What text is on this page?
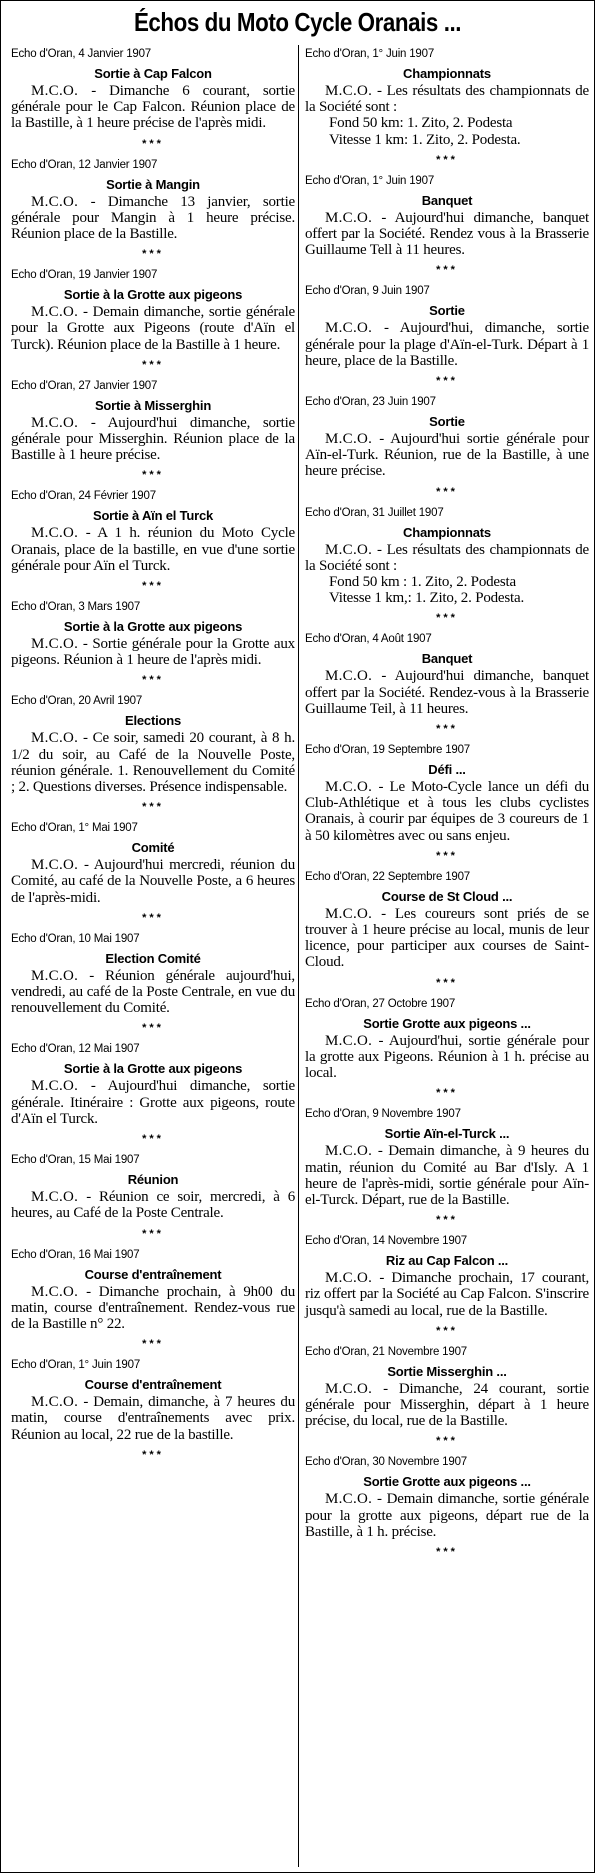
Échos du Moto Cycle Oranais ...
Echo d'Oran, 4 Janvier 1907
Sortie à Cap Falcon
M.C.O. - Dimanche 6 courant, sortie générale pour le Cap Falcon. Réunion place de la Bastille, à 1 heure précise de l'après midi.
***
Echo d'Oran, 12 Janvier 1907
Sortie à Mangin
M.C.O. - Dimanche 13 janvier, sortie générale pour Mangin à 1 heure précise. Réunion place de la Bastille.
***
Echo d'Oran, 19 Janvier 1907
Sortie à la Grotte aux pigeons
M.C.O. - Demain dimanche, sortie générale pour la Grotte aux Pigeons (route d'Aïn el Turck). Réunion place de la Bastille à 1 heure.
***
Echo d'Oran, 27 Janvier 1907
Sortie à Misserghin
M.C.O. - Aujourd'hui dimanche, sortie générale pour Misserghin. Réunion place de la Bastille à 1 heure précise.
***
Echo d'Oran, 24 Février 1907
Sortie à Aïn el Turck
M.C.O. - A 1 h. réunion du Moto Cycle Oranais, place de la bastille, en vue d'une sortie générale pour Aïn el Turck.
***
Echo d'Oran, 3 Mars 1907
Sortie à la Grotte aux pigeons
M.C.O. - Sortie générale pour la Grotte aux pigeons. Réunion à 1 heure de l'après midi.
***
Echo d'Oran, 20 Avril 1907
Elections
M.C.O. - Ce soir, samedi 20 courant, à 8 h. 1/2 du soir, au Café de la Nouvelle Poste, réunion générale. 1. Renouvellement du Comité ; 2. Questions diverses. Présence indispensable.
***
Echo d'Oran, 1° Mai 1907
Comité
M.C.O. - Aujourd'hui mercredi, réunion du Comité, au café de la Nouvelle Poste, a 6 heures de l'après-midi.
***
Echo d'Oran, 10 Mai 1907
Election Comité
M.C.O. - Réunion générale aujourd'hui, vendredi, au café de la Poste Centrale, en vue du renouvellement du Comité.
***
Echo d'Oran, 12 Mai 1907
Sortie à la Grotte aux pigeons
M.C.O. - Aujourd'hui dimanche, sortie générale. Itinéraire : Grotte aux pigeons, route d'Aïn el Turck.
***
Echo d'Oran, 15 Mai 1907
Réunion
M.C.O. - Réunion ce soir, mercredi, à 6 heures, au Café de la Poste Centrale.
***
Echo d'Oran, 16 Mai 1907
Course d'entraînement
M.C.O. - Dimanche prochain, à 9h00 du matin, course d'entraînement. Rendez-vous rue de la Bastille n° 22.
***
Echo d'Oran, 1° Juin 1907
Course d'entraînement
M.C.O. - Demain, dimanche, à 7 heures du matin, course d'entraînements avec prix. Réunion au local, 22 rue de la bastille.
***
Echo d'Oran, 1° Juin 1907
Championnats
M.C.O. - Les résultats des championnats de la Société sont :
Fond 50 km: 1. Zito, 2. Podesta
Vitesse 1 km: 1. Zito, 2. Podesta.
***
Echo d'Oran, 1° Juin 1907
Banquet
M.C.O. - Aujourd'hui dimanche, banquet offert par la Société. Rendez vous à la Brasserie Guillaume Tell à 11 heures.
***
Echo d'Oran, 9 Juin 1907
Sortie
M.C.O. - Aujourd'hui, dimanche, sortie générale pour la plage d'Aïn-el-Turk. Départ à 1 heure, place de la Bastille.
***
Echo d'Oran, 23 Juin 1907
Sortie
M.C.O. - Aujourd'hui sortie générale pour Aïn-el-Turk. Réunion, rue de la Bastille, à une heure précise.
***
Echo d'Oran, 31 Juillet 1907
Championnats
M.C.O. - Les résultats des championnats de la Société sont :
Fond 50 km : 1. Zito, 2. Podesta
Vitesse 1 km,: 1. Zito, 2. Podesta.
***
Echo d'Oran, 4 Août 1907
Banquet
M.C.O. - Aujourd'hui dimanche, banquet offert par la Société. Rendez-vous à la Brasserie Guillaume Teil, à 11 heures.
***
Echo d'Oran, 19 Septembre 1907
Défi ...
M.C.O. - Le Moto-Cycle lance un défi du Club-Athlétique et à tous les clubs cyclistes Oranais, à courir par équipes de 3 coureurs de 1 à 50 kilomètres avec ou sans enjeu.
***
Echo d'Oran, 22 Septembre 1907
Course de St Cloud ...
M.C.O. - Les coureurs sont priés de se trouver à 1 heure précise au local, munis de leur licence, pour participer aux courses de Saint-Cloud.
***
Echo d'Oran, 27 Octobre 1907
Sortie Grotte aux pigeons ...
M.C.O. - Aujourd'hui, sortie générale pour la grotte aux Pigeons. Réunion à 1 h. précise au local.
***
Echo d'Oran, 9 Novembre 1907
Sortie Aïn-el-Turck ...
M.C.O. - Demain dimanche, à 9 heures du matin, réunion du Comité au Bar d'Isly. A 1 heure de l'après-midi, sortie générale pour Aïn-el-Turck. Départ, rue de la Bastille.
***
Echo d'Oran, 14 Novembre 1907
Riz au Cap Falcon ...
M.C.O. - Dimanche prochain, 17 courant, riz offert par la Société au Cap Falcon. S'inscrire jusqu'à samedi au local, rue de la Bastille.
***
Echo d'Oran, 21 Novembre 1907
Sortie Misserghin ...
M.C.O. - Dimanche, 24 courant, sortie générale pour Misserghin, départ à 1 heure précise, du local, rue de la Bastille.
***
Echo d'Oran, 30 Novembre 1907
Sortie Grotte aux pigeons ...
M.C.O. - Demain dimanche, sortie générale pour la grotte aux pigeons, départ rue de la Bastille, à 1 h. précise.
***
